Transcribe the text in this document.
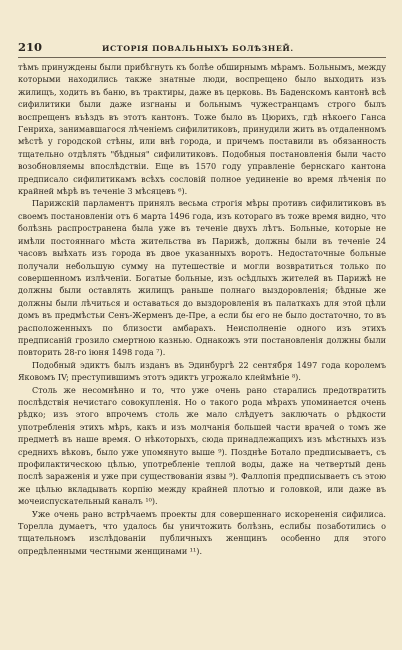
210	ИСТОРІЯ ПОВАЛЬНЫХЪ БОЛѢЗНЕЙ.

тѣмъ принуждены были прибѣгнуть къ болѣе обширнымъ мѣрамъ. Больнымъ, между которыми находились также знатные люди, воспрещено было выходить изъ жилищъ, ходить въ баню, въ трактиры, даже въ церковь. Въ Баденскомъ кантонѣ всѣ сифилитики были даже изгнаны и больнымъ чужестранцамъ строго былъ воспрещенъ въѣздъ въ этотъ кантонъ. Тоже было въ Цюрихъ, гдѣ нѣкоего Ганса Генриха, занимавшагося лѣченіемъ сифилитиковъ, принудили жить въ отдаленномъ мѣстѣ у городской стѣны, или внѣ города, и причемъ поставили въ обязанность тщательно отдѣлять "бѣдныя" сифилитиковъ. Подобныя постановленія были часто возобновляемы впослѣдствіи. Еще въ 1570 году управленіе бернскаго кантона предписало сифилитикамъ всѣхъ сословій полное уединеніе во время лѣченія по крайней мѣрѣ въ теченіе 3 мѣсяцевъ ⁶).

Парижскій парламентъ принялъ весьма строгія мѣры противъ сифилитиковъ въ своемъ постановленіи отъ 6 марта 1496 года, изъ котораго въ тоже время видно, что болѣзнь распространена была уже въ теченіе двухъ лѣтъ. Больные, которые не имѣли постояннаго мѣста жительства въ Парижѣ, должны были въ теченіе 24 часовъ выѣхать изъ города въ двое указанныхъ воротъ. Недостаточные больные получали небольшую сумму на путешествіе и могли возвратиться только по совершенномъ излѣченіи. Богатые больные, изъ осѣдлыхъ жителей въ Парижѣ не должны были оставлять жилищъ раньше полнаго выздоровленія; бѣдные же должны были лѣчиться и оставаться до выздоровленія въ палаткахъ для этой цѣли домъ въ предмѣстьи Сенъ-Жерменъ де-Пре, а если бы его не было достаточно, то въ расположенныхъ по близости амбарахъ. Неисполненіе одного изъ этихъ предписаній грозило смертною казнью. Однакожъ эти постановленія должны были повторить 28-го іюня 1498 года ⁷).

Подобный эдиктъ былъ изданъ въ Эдинбургѣ 22 сентября 1497 года королемъ Яковомъ IV; преступившимъ этотъ эдиктъ угрожало клеймѣніе ⁸).

Столь же несомнѣнно и то, что уже очень рано старались предотвратить послѣдствія нечистаго совокупленія. Но о такого рода мѣрахъ упоминается очень рѣдко; изъ этого впрочемъ столь же мало слѣдуетъ заключать о рѣдкости употребленія этихъ мѣръ, какъ и изъ молчанія большей части врачей о томъ же предметѣ въ наше время. О нѣкоторыхъ, сюда принадлежащихъ изъ мѣстныхъ изъ среднихъ вѣковъ, было уже упомянуто выше ⁹). Позднѣе Ботало предписываетъ, съ профилактическою цѣлью, употребленіе теплой воды, даже на четвертый день послѣ зараженія и уже при существованіи язвы ⁹). Фаллопія предписываетъ съ этою же цѣлью вкладывать корпію между крайней плотью и головкой, или даже въ мочеиспускательный каналъ ¹⁰).

Уже очень рано встрѣчаемъ проекты для совершеннаго искорененія сифилиса. Торелла думаетъ, что удалось бы уничтожить болѣзнь, еслибы позаботились о тщательномъ изслѣдованіи публичныхъ женщинъ особенно для этого опредѣленными честными женщинами ¹¹).
